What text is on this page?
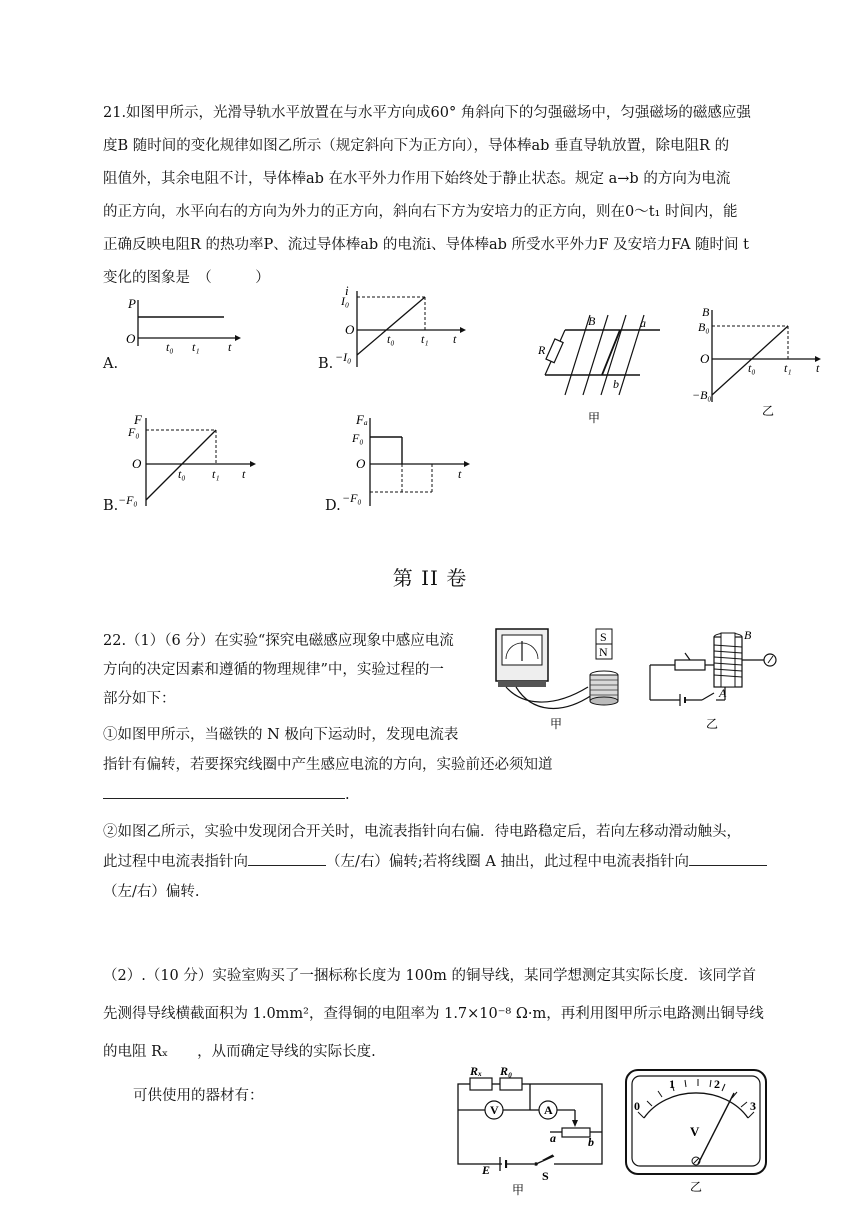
21.如图甲所示，光滑导轨水平放置在与水平方向成60° 角斜向下的匀强磁场中，匀强磁场的磁感应强
度B 随时间的变化规律如图乙所示（规定斜向下为正方向），导体棒ab 垂直导轨放置，除电阻R 的
阻值外，其余电阻不计，导体棒ab 在水平外力作用下始终处于静止状态。规定 a→b 的方向为电流
的正方向，水平向右的方向为外力的正方向，斜向右下方为安培力的正方向，则在0～t₁ 时间内，能
正确反映电阻R 的热功率P、流过导体棒ab 的电流i、导体棒ab 所受水平外力F 及安培力FA 随时间 t
变化的图象是　（　　　）
A.
P
O
t₀ t₁ t
B.
i
I₀
O
−I₀
t₀ t₁ t
R
B	a
b
甲
B
B₀
O
−B₀
t₀ t₁ t
乙
B.
F
F₀
O
−F₀
t₀ t₁ t
D.
Fₐ
F₀
O
−F₀
t
第 II 卷
22.（1）（6 分）在实验“探究电磁感应现象中感应电流
方向的决定因素和遵循的物理规律”中，实验过程的一
部分如下：
①如图甲所示，当磁铁的 N 极向下运动时，发现电流表
指针有偏转，若要探究线圈中产生感应电流的方向，实验前还必须知道
.
②如图乙所示，实验中发现闭合开关时，电流表指针向右偏．待电路稳定后，若向左移动滑动触头，
此过程中电流表指针向	（左/右）偏转;若将线圈 A 抽出，此过程中电流表指针向
（左/右）偏转.
S
N
甲
B
A
乙
（2）.（10 分）实验室购买了一捆标称长度为 100m 的铜导线，某同学想测定其实际长度．该同学首
先测得导线横截面积为 1.0mm²，查得铜的电阻率为 1.7×10⁻⁸ Ω·m，再利用图甲所示电路测出铜导线
的电阻 Rₓ　　，从而确定导线的实际长度.
可供使用的器材有：
Rₓ R₀
V	A
a	b
E	S
甲
0
1	2
3
V
乙
